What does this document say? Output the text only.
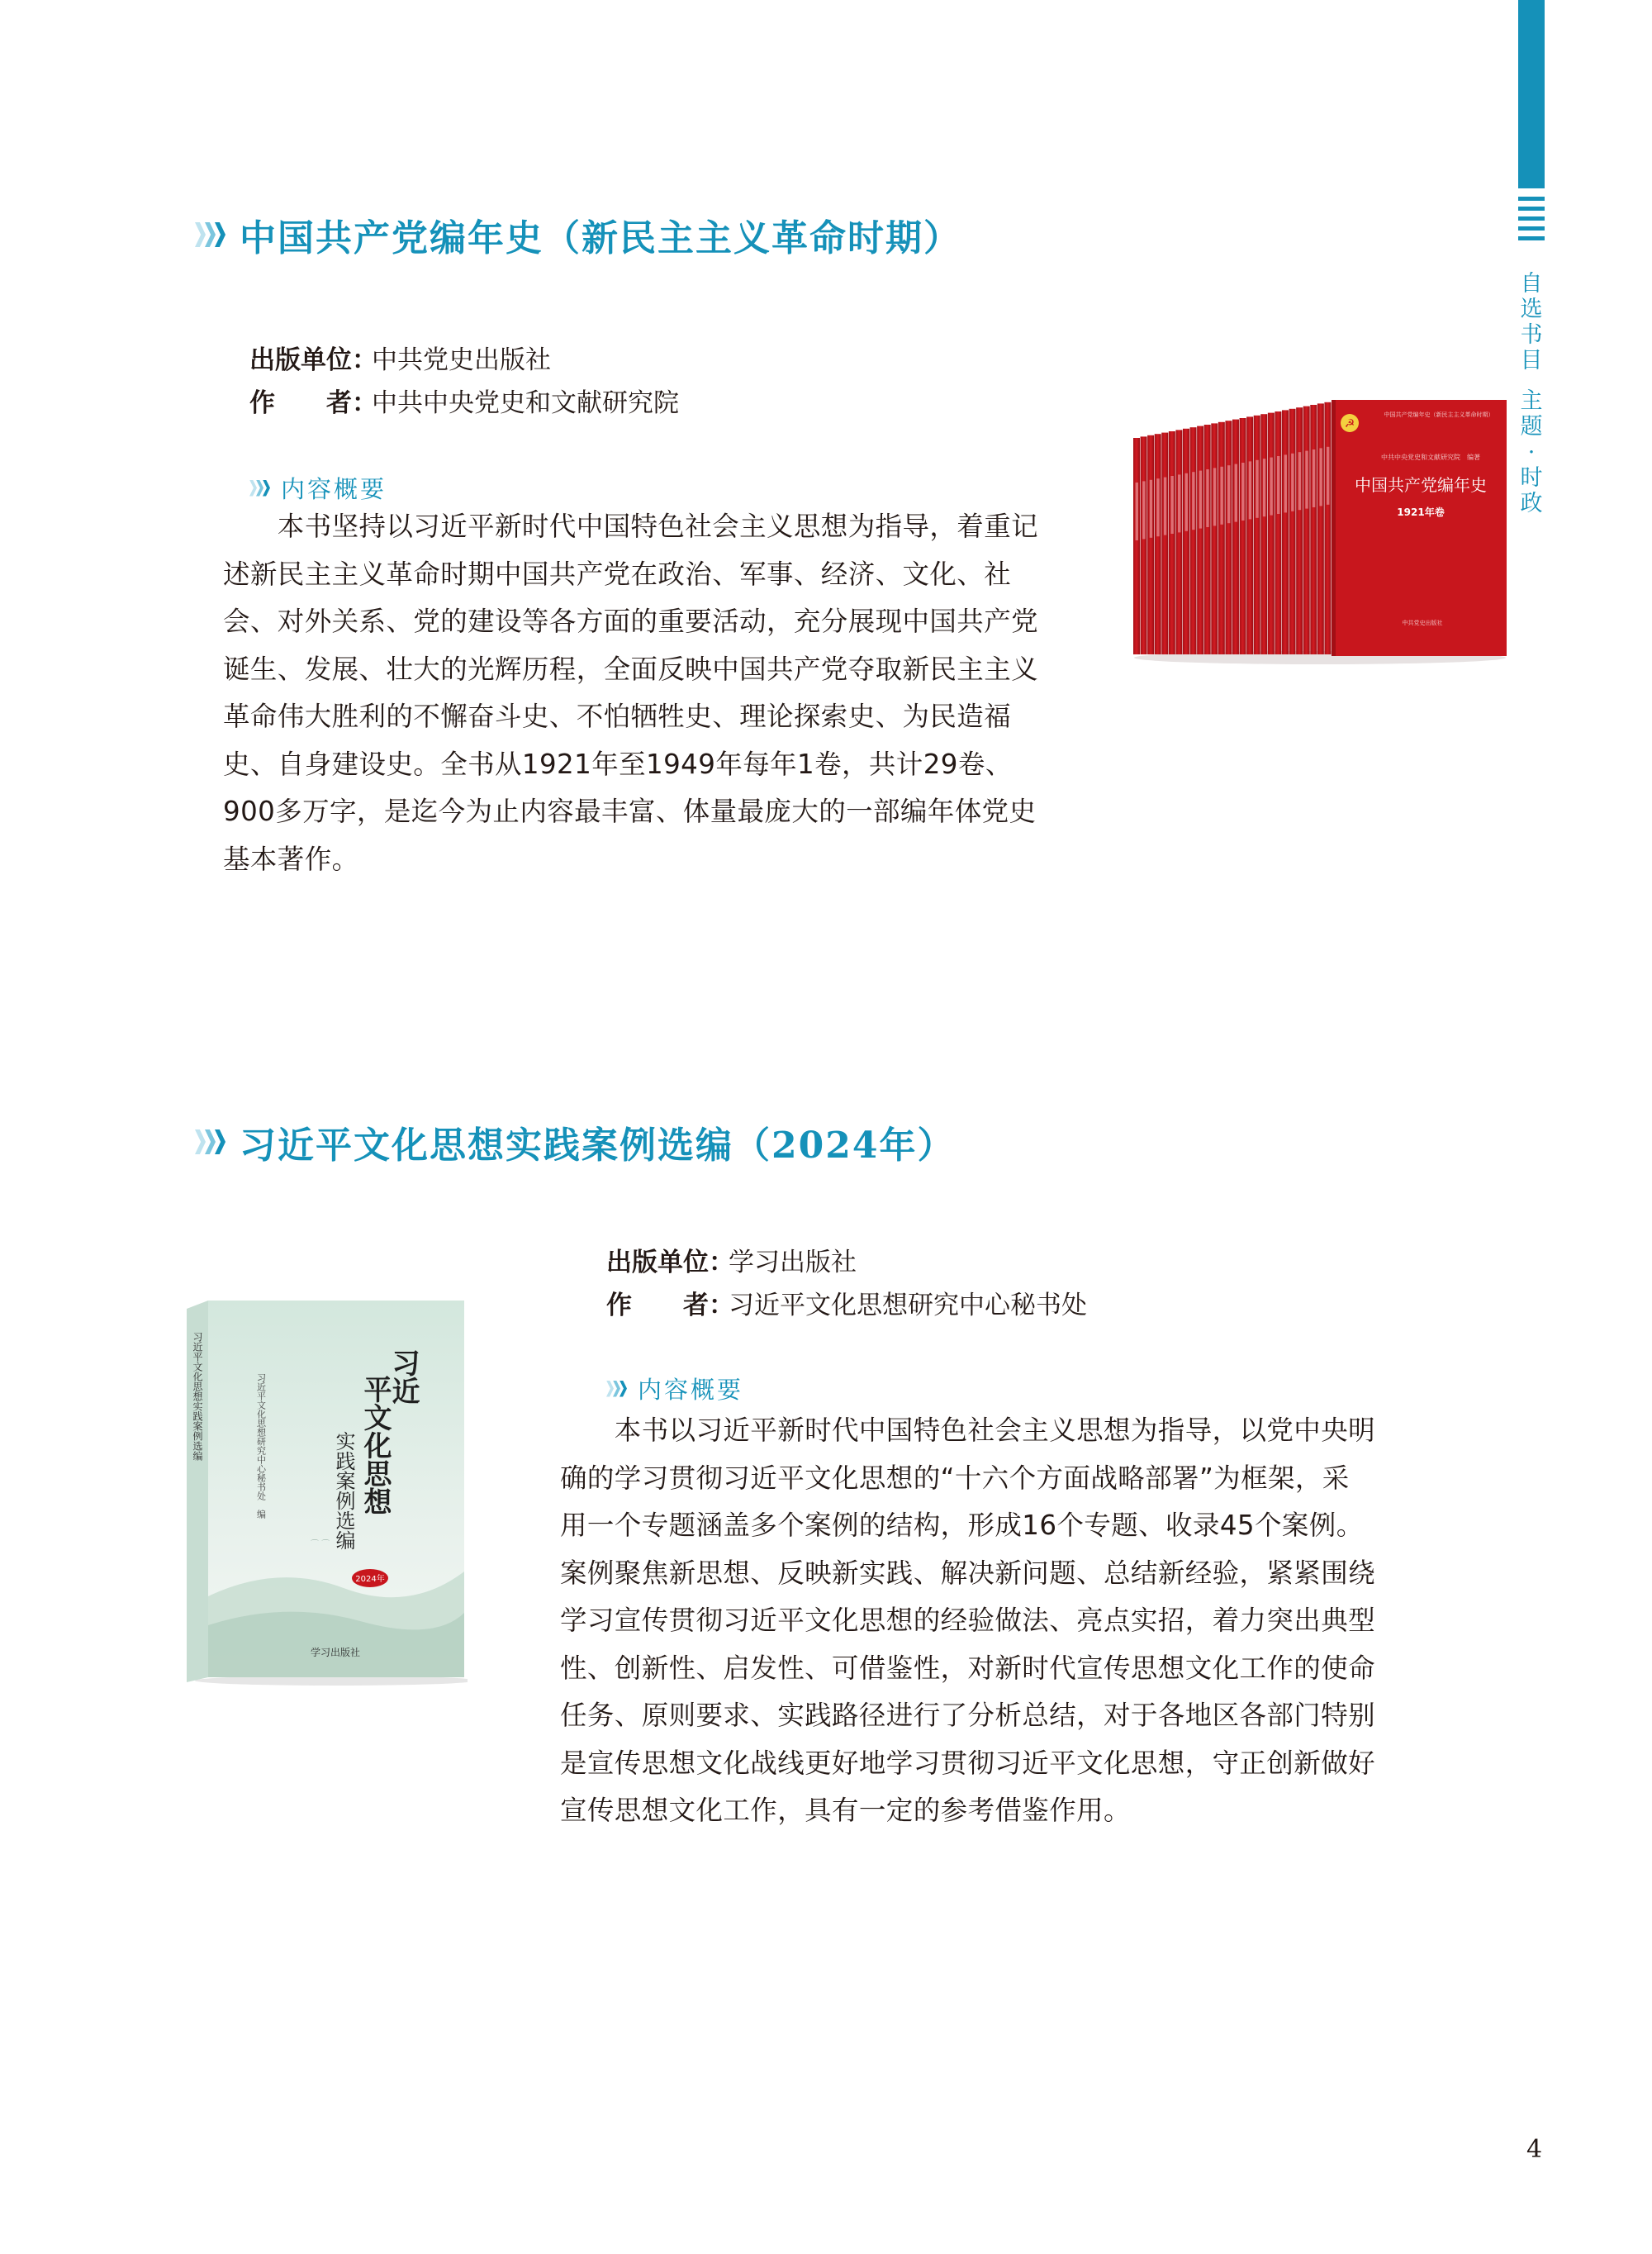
自
选
书
目
主
题
·
时
政
中国共产党编年史（新民主主义革命时期）
出版单位：中共党史出版社
作　　者：中共中央党史和文献研究院
内容概要
　　本书坚持以习近平新时代中国特色社会主义思想为指导，着重记
述新民主主义革命时期中国共产党在政治、军事、经济、文化、社
会、对外关系、党的建设等各方面的重要活动，充分展现中国共产党
诞生、发展、壮大的光辉历程，全面反映中国共产党夺取新民主主义
革命伟大胜利的不懈奋斗史、不怕牺牲史、理论探索史、为民造福
史、自身建设史。全书从1921年至1949年每年1卷，共计29卷、
900多万字，是迄今为止内容最丰富、体量最庞大的一部编年体党史
基本著作。
☭
中国共产党编年史（新民主主义革命时期）
中共中央党史和文献研究院　编著
中国共产党编年史
1921年卷
中共党史出版社
习近平文化思想实践案例选编（2024年）
出版单位：学习出版社
作　　者：习近平文化思想研究中心秘书处
内容概要
　　本书以习近平新时代中国特色社会主义思想为指导，以党中央明
确的学习贯彻习近平文化思想的“十六个方面战略部署”为框架，采
用一个专题涵盖多个案例的结构，形成16个专题、收录45个案例。
案例聚焦新思想、反映新实践、解决新问题、总结新经验，紧紧围绕
学习宣传贯彻习近平文化思想的经验做法、亮点实招，着力突出典型
性、创新性、启发性、可借鉴性，对新时代宣传思想文化工作的使命
任务、原则要求、实践路径进行了分析总结，对于各地区各部门特别
是宣传思想文化战线更好地学习贯彻习近平文化思想，守正创新做好
宣传思想文化工作，具有一定的参考借鉴作用。
习近平文化思想实践案例选编
⌒ ⌒
习近
平文化思想
实践案例选编
2024年
习近平文化思想研究中心秘书处　编
学习出版社
4
